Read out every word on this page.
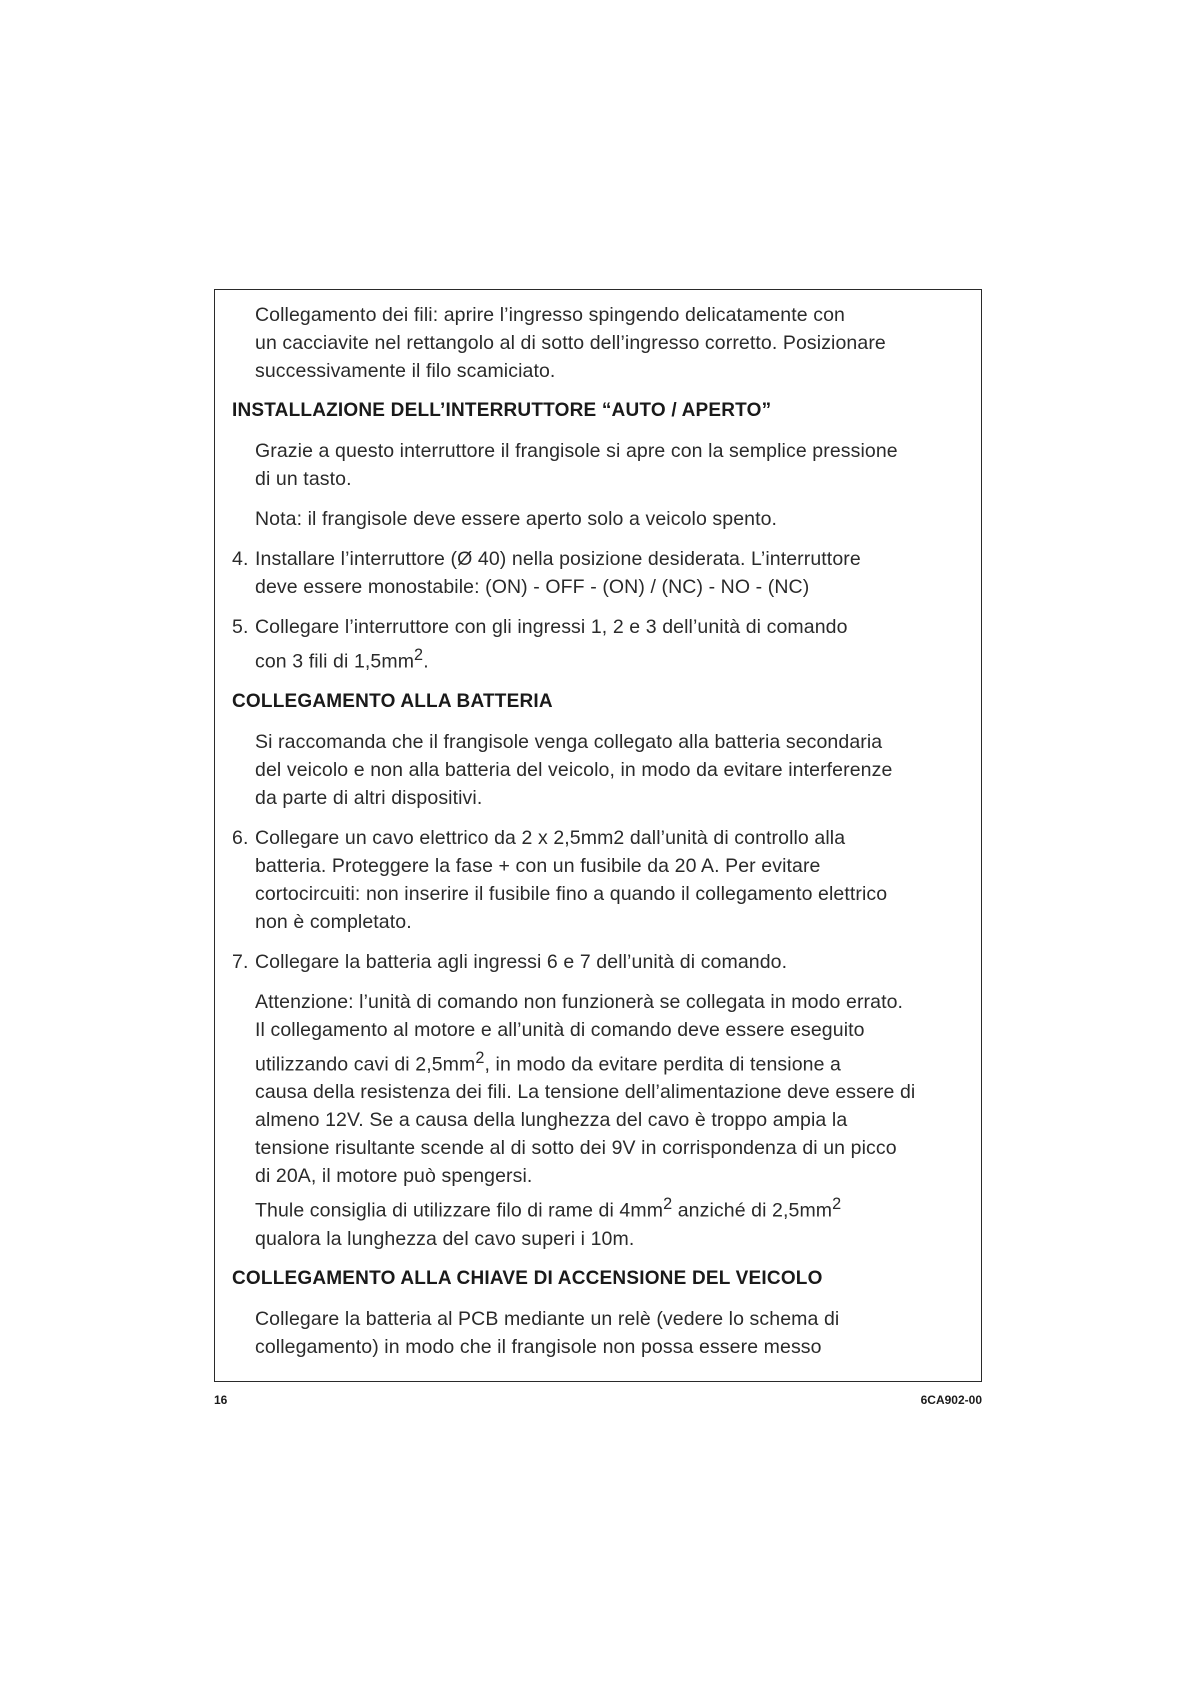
Collegamento dei fili: aprire l’ingresso spingendo delicatamente con
un cacciavite nel rettangolo al di sotto dell’ingresso corretto. Posizionare
successivamente il filo scamiciato.

INSTALLAZIONE DELL’INTERRUTTORE “AUTO / APERTO”

Grazie a questo interruttore il frangisole si apre con la semplice pressione
di un tasto.

Nota: il frangisole deve essere aperto solo a veicolo spento.

4. Installare l’interruttore (Ø 40) nella posizione desiderata. L’interruttore
deve essere monostabile: (ON) - OFF - (ON) / (NC) - NO - (NC)
5. Collegare l’interruttore con gli ingressi 1, 2 e 3 dell’unità di comando
con 3 fili di $1,5mm^2$.
COLLEGAMENTO ALLA BATTERIA

Si raccomanda che il frangisole venga collegato alla batteria secondaria
del veicolo e non alla batteria del veicolo, in modo da evitare interferenze
da parte di altri dispositivi.

6. Collegare un cavo elettrico da 2 x 2,5mm2 dall’unità di controllo alla
batteria. Proteggere la fase + con un fusibile da 20 A. Per evitare
cortocircuiti: non inserire il fusibile fino a quando il collegamento elettrico
non è completato.
7. Collegare la batteria agli ingressi 6 e 7 dell’unità di comando.

Attenzione: l’unità di comando non funzionerà se collegata in modo errato.
Il collegamento al motore e all’unità di comando deve essere eseguito
utilizzando cavi di $2,5mm^2$, in modo da evitare perdita di tensione a
causa della resistenza dei fili. La tensione dell’alimentazione deve essere di
almeno 12V. Se a causa della lunghezza del cavo è troppo ampia la
tensione risultante scende al di sotto dei 9V in corrispondenza di un picco
di 20A, il motore può spengersi.
Thule consiglia di utilizzare filo di rame di $4mm^2$ anziché di $2,5mm^2$
qualora la lunghezza del cavo superi i 10m.

COLLEGAMENTO ALLA CHIAVE DI ACCENSIONE DEL VEICOLO

Collegare la batteria al PCB mediante un relè (vedere lo schema di
collegamento) in modo che il frangisole non possa essere messo

16	6CA902-00
